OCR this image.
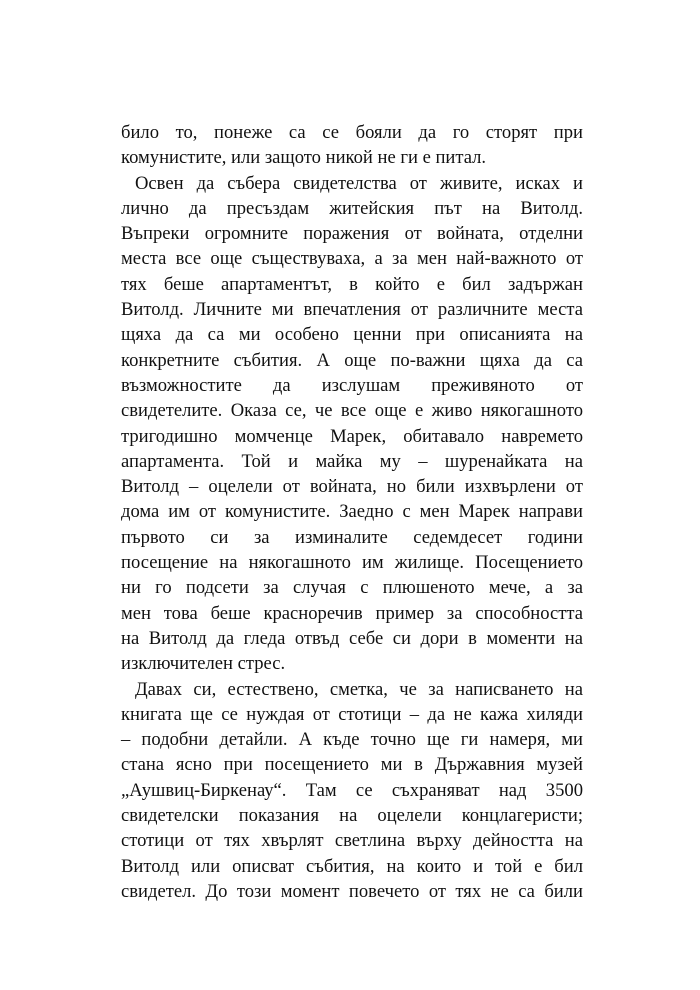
било то, понеже са се бояли да го сторят при
комунистите, или защото никой не ги е питал.

Освен да събера свидетелства от живите, исках и
лично да пресъздам житейския път на Витолд.
Въпреки огромните поражения от войната, отделни
места все още съществуваха, а за мен най-важното от
тях беше апартаментът, в който е бил задържан
Витолд. Личните ми впечатления от различните места
щяха да са ми особено ценни при описанията на
конкретните събития. А още по-важни щяха да са
възможностите да изслушам преживяното от
свидетелите. Оказа се, че все още е живо някогашното
тригодишно момченце Марек, обитавало навремето
апартамента. Той и майка му – шуренайката на
Витолд – оцелели от войната, но били изхвърлени от
дома им от комунистите. Заедно с мен Марек направи
първото си за изминалите седемдесет години
посещение на някогашното им жилище. Посещението
ни го подсети за случая с плюшеното мече, а за
мен това беше красноречив пример за способността
на Витолд да гледа отвъд себе си дори в моменти на
изключителен стрес.

Давах си, естествено, сметка, че за написването на
книгата ще се нуждая от стотици – да не кажа хиляди
– подобни детайли. А къде точно ще ги намеря, ми
стана ясно при посещението ми в Държавния музей
„Аушвиц-Биркенау“. Там се съхраняват над 3500
свидетелски показания на оцелели концлагеристи;
стотици от тях хвърлят светлина върху дейността на
Витолд или описват събития, на които и той е бил
свидетел. До този момент повечето от тях не са били
